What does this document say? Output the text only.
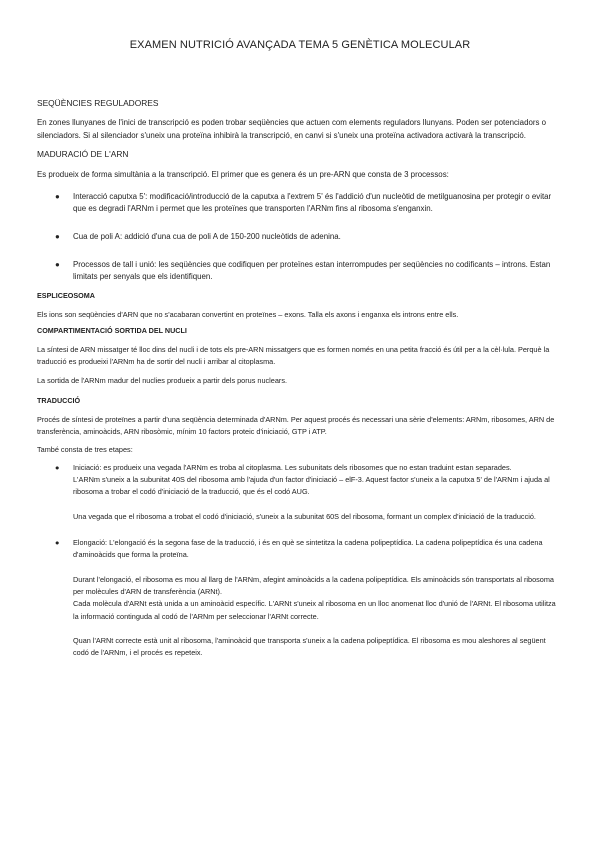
EXAMEN NUTRICIÓ AVANÇADA TEMA 5 GENÈTICA MOLECULAR
SEQÜÈNCIES REGULADORES

En zones llunyanes de l'inici de transcripció es poden trobar seqüències que actuen com elements reguladors llunyans. Poden ser potenciadors o silenciadors. Si al silenciador s'uneix una proteïna inhibirà la transcripció, en canvi si s'uneix una proteïna activadora activarà la transcripció.

MADURACIÓ DE L'ARN

Es produeix de forma simultània a la transcripció. El primer que es genera és un pre-ARN que consta de 3 processos:

● Interacció caputxa 5': modificació/introducció de la caputxa a l'extrem 5' és l'addició d'un nucleòtid de metilguanosina per protegir o evitar que es degradi l'ARNm i permet que les proteïnes que transporten l'ARNm fins al ribosoma s'enganxin.
● Cua de poli A: addició d'una cua de poli A de 150-200 nucleòtids de adenina.
● Processos de tall i unió: les seqüències que codifiquen per proteïnes estan interrompudes per seqüències no codificants – introns. Estan limitats per senyals que els identifiquen.
ESPLICEOSOMA

Els ions son seqüències d'ARN que no s'acabaran convertint en proteïnes – exons. Talla els axons i enganxa els introns entre ells.

COMPARTIMENTACIÓ SORTIDA DEL NUCLI

La síntesi de ARN missatger té lloc dins del nucli i de tots els pre-ARN missatgers que es formen només en una petita fracció és útil per a la cèl·lula. Perquè la traducció es produeixi l'ARNm ha de sortir del nucli i arribar al citoplasma.

La sortida de l'ARNm madur del nuclies produeix a partir dels porus nuclears.

TRADUCCIÓ

Procés de síntesi de proteïnes a partir d'una seqüència determinada d'ARNm. Per aquest procés és necessari una sèrie d'elements: ARNm, ribosomes, ARN de transferència, aminoàcids, ARN ribosòmic, mínim 10 factors proteic d'iniciació, GTP i ATP.

També consta de tres etapes:

● Iniciació: es produeix una vegada l'ARNm es troba al citoplasma. Les subunitats dels ribosomes que no estan traduint estan separades.
L'ARNm s'uneix a la subunitat 40S del ribosoma amb l'ajuda d'un factor d'iniciació – elF-3. Aquest factor s'uneix a la caputxa 5' de l'ARNm i ajuda al ribosoma a trobar el codó d'iniciació de la traducció, que és el codó AUG.
Una vegada que el ribosoma a trobat el codó d'iniciació, s'uneix a la subunitat 60S del ribosoma, formant un complex d'iniciació de la traducció.
● Elongació: L'elongació és la segona fase de la traducció, i és en què se sintetitza la cadena polipeptídica. La cadena polipeptídica és una cadena d'aminoàcids que forma la proteïna.
Durant l'elongació, el ribosoma es mou al llarg de l'ARNm, afegint aminoàcids a la cadena polipeptídica. Els aminoàcids són transportats al ribosoma per molècules d'ARN de transferència (ARNt).
Cada molècula d'ARNt està unida a un aminoàcid específic. L'ARNt s'uneix al ribosoma en un lloc anomenat lloc d'unió de l'ARNt. El ribosoma utilitza la informació continguda al codó de l'ARNm per seleccionar l'ARNt correcte.
Quan l'ARNt correcte està unit al ribosoma, l'aminoàcid que transporta s'uneix a la cadena polipeptídica. El ribosoma es mou aleshores al següent codó de l'ARNm, i el procés es repeteix.
